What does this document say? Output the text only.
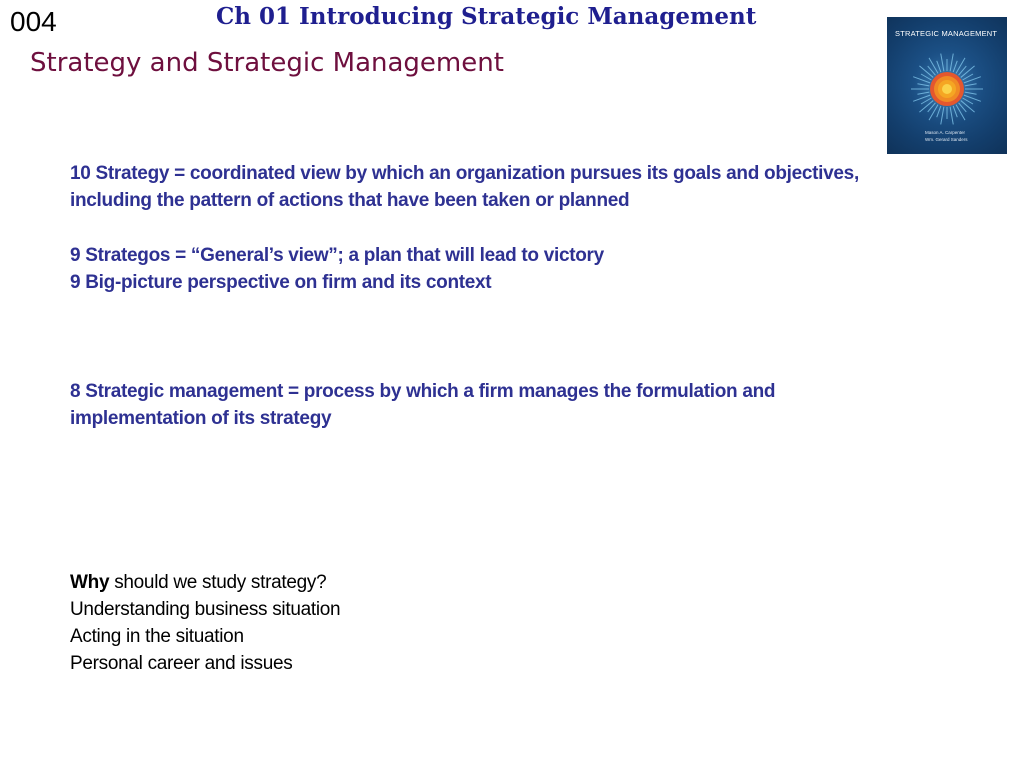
004	Ch 01 Introducing Strategic Management
Strategy and Strategic Management
STRATEGIC MANAGEMENT
Mason A. Carpenter
Wm. Gerard Sanders

10 Strategy = coordinated view by which an organization pursues its goals and objectives,

including the pattern of actions that have been taken or planned

9 Strategos = “General’s view”; a plan that will lead to victory

9 Big-picture perspective on firm and its context

8 Strategic management = process by which a firm manages the formulation and

implementation of its strategy

Why should we study strategy?

Understanding business situation

Acting in the situation

Personal career and issues
